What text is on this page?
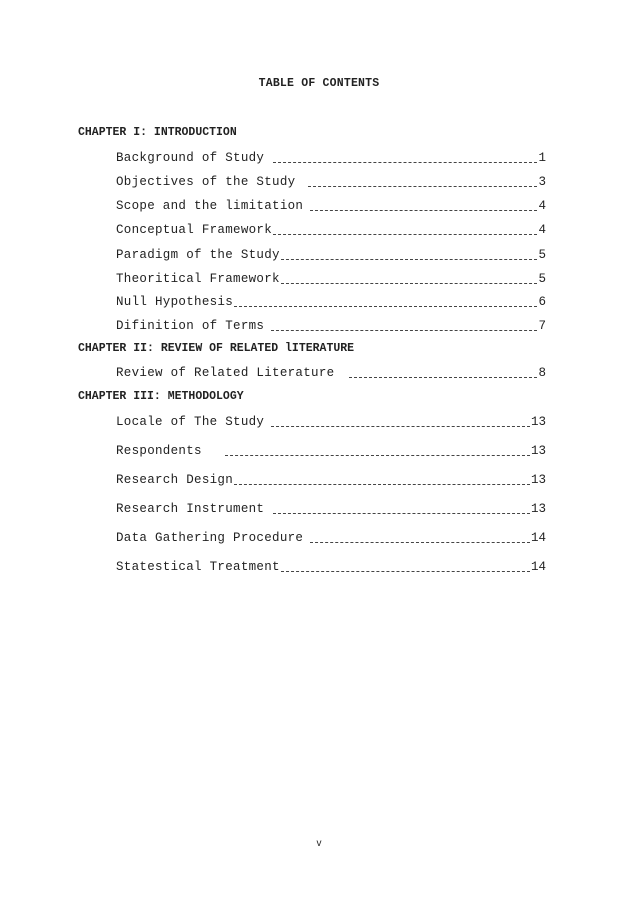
TABLE OF CONTENTS
CHAPTER I: INTRODUCTION
Background of Study	1
Objectives of the Study	3
Scope and the limitation	4
Conceptual Framework	4
Paradigm of the Study	5
Theoritical Framework	5
Null Hypothesis	6
Difinition of Terms	7
CHAPTER II: REVIEW OF RELATED lITERATURE
Review of Related Literature	8
CHAPTER III: METHODOLOGY
Locale of The Study	13
Respondents	13
Research Design	13
Research Instrument	13
Data Gathering Procedure	14
Statestical Treatment	14
v
